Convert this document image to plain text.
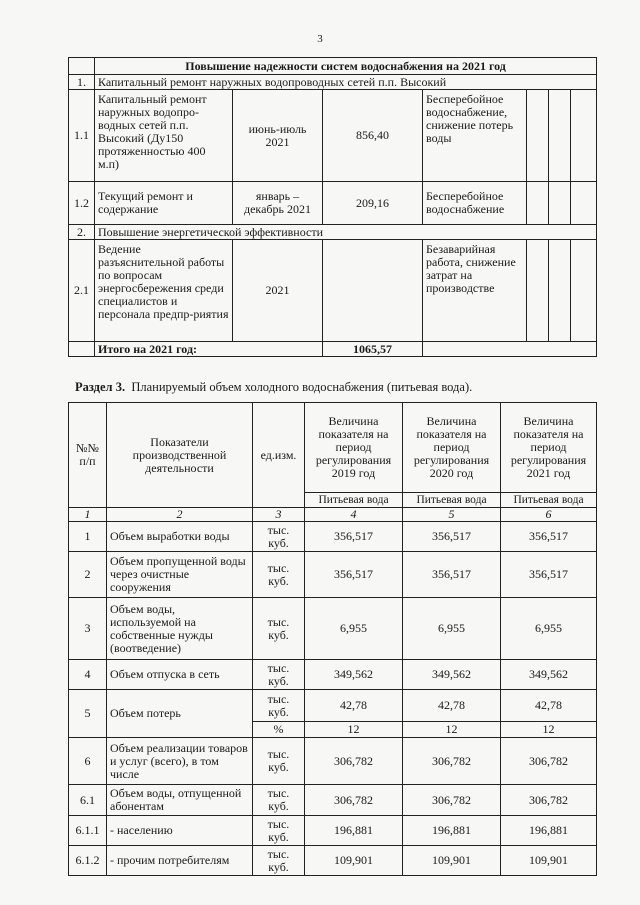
3
	Повышение надежности систем водоснабжения на 2021 год						
1.	Капитальный ремонт наружных водопроводных сетей п.п. Высокий						
1.1	Капитальный ремонт наружных водопро-водных сетей п.п. Высокий (Ду150 протяженностью 400 м.п)	июнь-июль 2021	856,40	Бесперебойное водоснабжение, снижение потерь воды			
1.2	Текущий ремонт и содержание	январь – декабрь 2021	209,16	Бесперебойное водоснабжение			
2.	Повышение энергетической эффективности						
2.1	Ведение разъяснительной работы по вопросам энергосбережения среди специалистов и персонала предпр-риятия	2021		Безаварийная работа, снижение затрат на производстве			
	Итого на 2021 год:		1065,57				
Раздел 3. Планируемый объем холодного водоснабжения (питьевая вода).
№№ п/п	Показатели производственной деятельности	ед.изм.	Величина показателя на период регулирования 2019 год	Величина показателя на период регулирования 2020 год	Величина показателя на период регулирования 2021 год
			Питьевая вода	Питьевая вода	Питьевая вода
1	2	3	4	5	6
1	Объем выработки воды	тыс. куб.	356,517	356,517	356,517
2	Объем пропущенной воды через очистные сооружения	тыс. куб.	356,517	356,517	356,517
3	Объем воды, используемой на собственные нужды (воотведение)	тыс. куб.	6,955	6,955	6,955
4	Объем отпуска в сеть	тыс. куб.	349,562	349,562	349,562
5	Объем потерь	тыс. куб.	42,78	42,78	42,78
		%	12	12	12
6	Объем реализации товаров и услуг (всего), в том числе	тыс. куб.	306,782	306,782	306,782
6.1	Объем воды, отпущенной абонентам	тыс. куб.	306,782	306,782	306,782
6.1.1	- населению	тыс. куб.	196,881	196,881	196,881
6.1.2	- прочим потребителям	тыс. куб.	109,901	109,901	109,901
